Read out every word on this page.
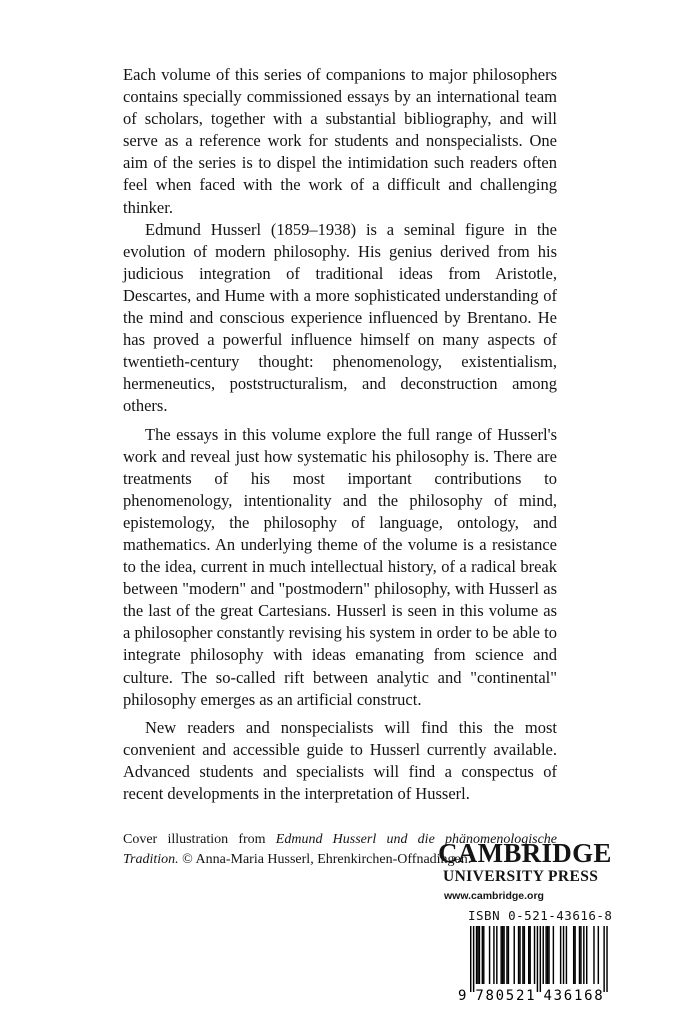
Each volume of this series of companions to major philosophers contains specially commissioned essays by an international team of scholars, together with a substantial bibliography, and will serve as a reference work for students and nonspecialists. One aim of the series is to dispel the intimidation such readers often feel when faced with the work of a difficult and challenging thinker.

Edmund Husserl (1859–1938) is a seminal figure in the evolution of modern philosophy. His genius derived from his judicious integration of traditional ideas from Aristotle, Descartes, and Hume with a more sophisticated understanding of the mind and conscious experience influenced by Brentano. He has proved a powerful influence himself on many aspects of twentieth-century thought: phenomenology, existentialism, hermeneutics, poststructuralism, and deconstruction among others.

The essays in this volume explore the full range of Husserl's work and reveal just how systematic his philosophy is. There are treatments of his most important contributions to phenomenology, intentionality and the philosophy of mind, epistemology, the philosophy of language, ontology, and mathematics. An underlying theme of the volume is a resistance to the idea, current in much intellectual history, of a radical break between "modern" and "postmodern" philosophy, with Husserl as the last of the great Cartesians. Husserl is seen in this volume as a philosopher constantly revising his system in order to be able to integrate philosophy with ideas emanating from science and culture. The so-called rift between analytic and "continental" philosophy emerges as an artificial construct.

New readers and nonspecialists will find this the most convenient and accessible guide to Husserl currently available. Advanced students and specialists will find a conspectus of recent developments in the interpretation of Husserl.

Cover illustration from Edmund Husserl und die phänomenologische Tradition. © Anna-Maria Husserl, Ehrenkirchen-Offnadingen.

CAMBRIDGE
UNIVERSITY PRESS
www.cambridge.org
ISBN 0-521-43616-8
9 7 8 0 5 2 1 4 3 6 1 6 8
